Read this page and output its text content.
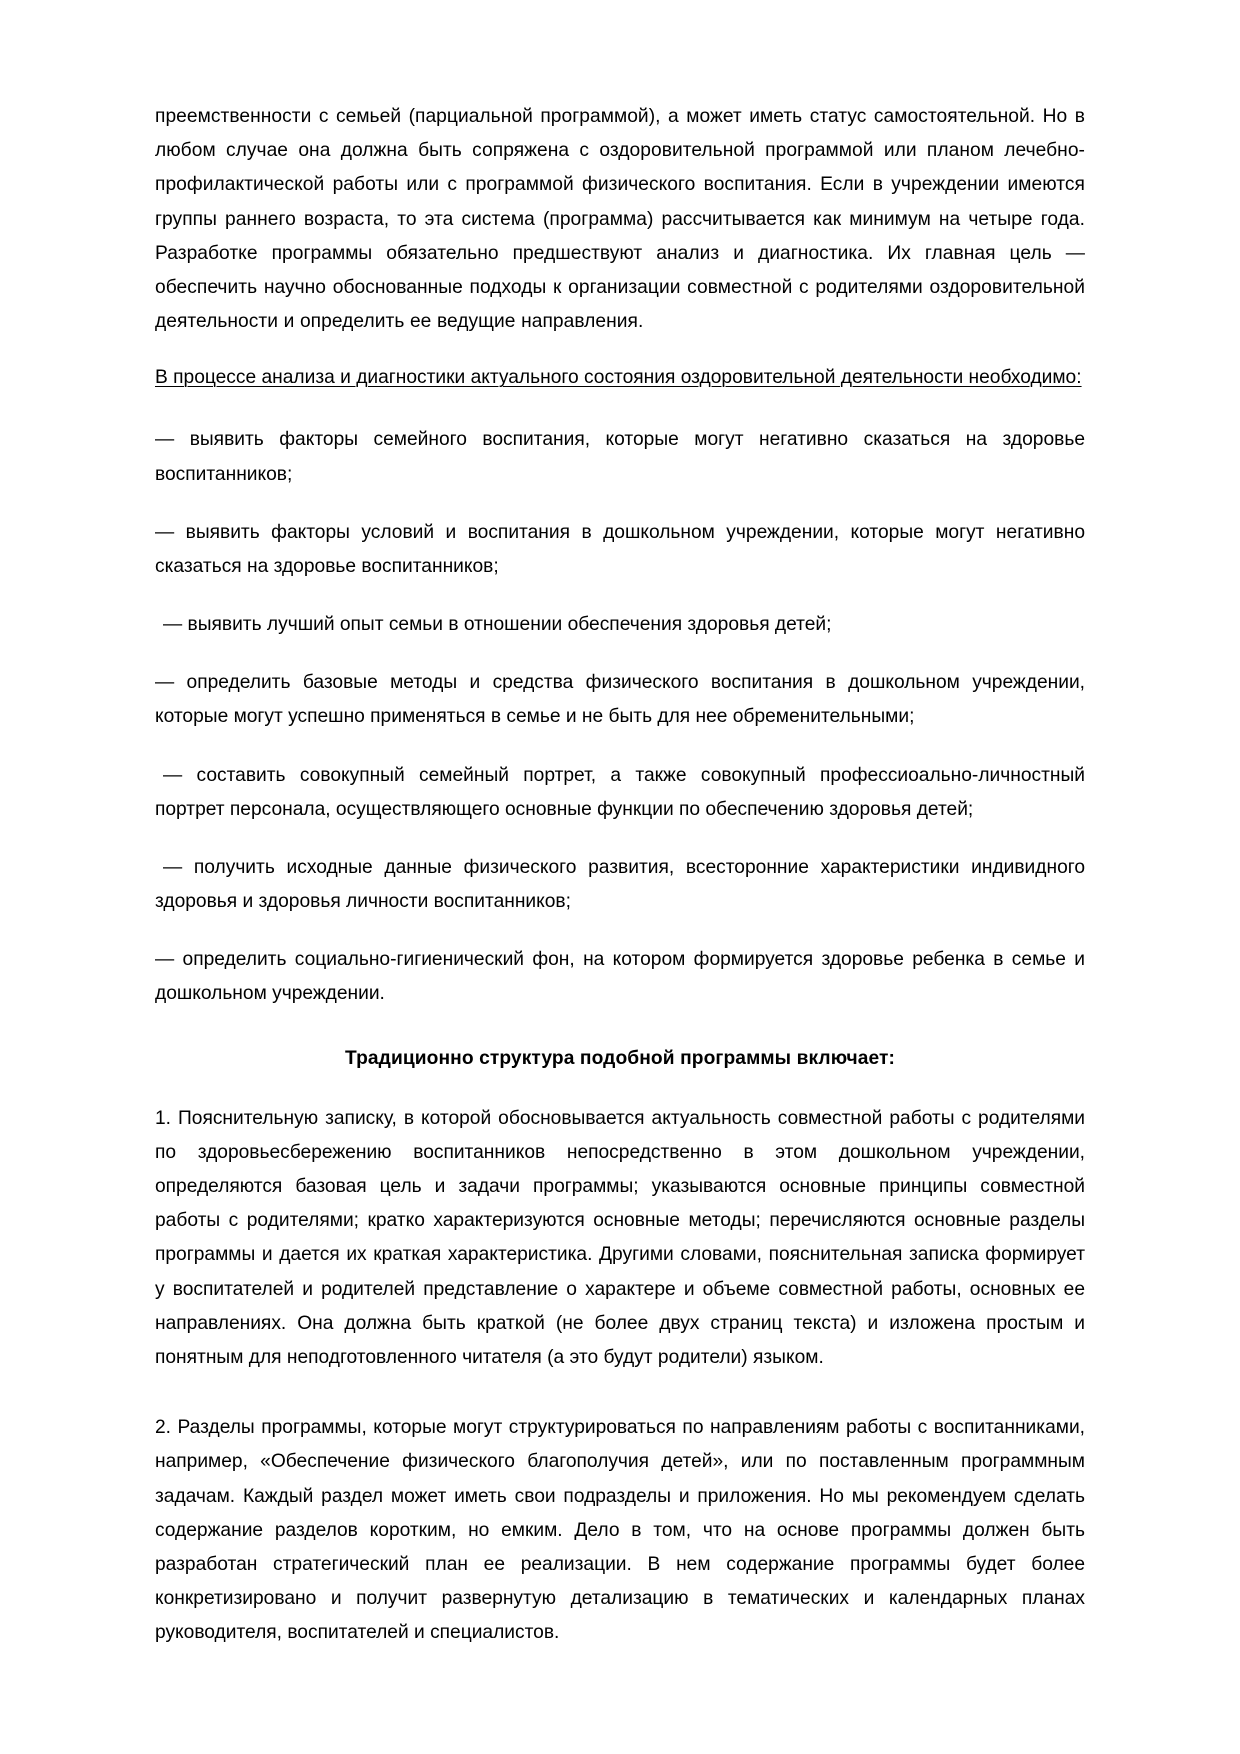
преемственности с семьей (парциальной программой), а может иметь статус самостоятельной. Но в любом случае она должна быть сопряжена с оздоровительной программой или планом лечебно-профилактической работы или с программой физического воспитания. Если в учреждении имеются группы раннего возраста, то эта система (программа) рассчитывается как минимум на четыре года. Разработке программы обязательно предшествуют анализ и диагностика. Их главная цель — обеспечить научно обоснованные подходы к организации совместной с родителями оздоровительной деятельности и определить ее ведущие направления.

В процессе анализа и диагностики актуального состояния оздоровительной деятельности необходимо:

— выявить факторы семейного воспитания, которые могут негативно сказаться на здоровье воспитанников;

— выявить факторы условий и воспитания в дошкольном учреждении, которые могут негативно сказаться на здоровье воспитанников;

— выявить лучший опыт семьи в отношении обеспечения здоровья детей;

— определить базовые методы и средства физического воспитания в дошкольном учреждении, которые могут успешно применяться в семье и не быть для нее обременительными;

— составить совокупный семейный портрет, а также совокупный профессиоально-личностный портрет персонала, осуществляющего основные функции по обеспечению здоровья детей;

— получить исходные данные физического развития, всесторонние характеристики индивидного здоровья и здоровья личности воспитанников;

— определить социально-гигиенический фон, на котором формируется здоровье ребенка в семье и дошкольном учреждении.

Традиционно структура подобной программы включает:

1. Пояснительную записку, в которой обосновывается актуальность совместной работы с родителями по здоровьесбережению воспитанников непосредственно в этом дошкольном учреждении, определяются базовая цель и задачи программы; указываются основные принципы совместной работы с родителями; кратко характеризуются основные методы; перечисляются основные разделы программы и дается их краткая характеристика. Другими словами, пояснительная записка формирует у воспитателей и родителей представление о характере и объеме совместной работы, основных ее направлениях. Она должна быть краткой (не более двух страниц текста) и изложена простым и понятным для неподготовленного читателя (а это будут родители) языком.

2. Разделы программы, которые могут структурироваться по направлениям работы с воспитанниками, например, «Обеспечение физического благополучия детей», или по поставленным программным задачам. Каждый раздел может иметь свои подразделы и приложения. Но мы рекомендуем сделать содержание разделов коротким, но емким. Дело в том, что на основе программы должен быть разработан стратегический план ее реализации. В нем содержание программы будет более конкретизировано и получит развернутую детализацию в тематических и календарных планах руководителя, воспитателей и специалистов.
